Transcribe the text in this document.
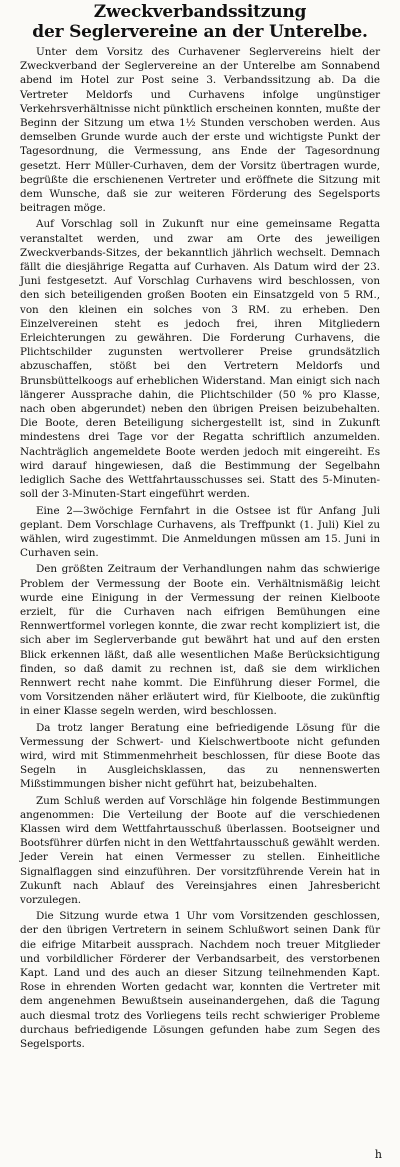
Zweckverbandssitzung
der Seglervereine an der Unterelbe.

Unter dem Vorsitz des Curhavener Seglervereins hielt der Zweckverband der Seglervereine an der Unterelbe am Sonnabend abend im Hotel zur Post seine 3. Verbandssitzung ab. Da die Vertreter Meldorfs und Curhavens infolge ungünstiger Verkehrsverhältnisse nicht pünktlich erscheinen konnten, mußte der Beginn der Sitzung um etwa 1½ Stunden verschoben werden. Aus demselben Grunde wurde auch der erste und wichtigste Punkt der Tagesordnung, die Vermessung, ans Ende der Tagesordnung gesetzt. Herr Müller-Curhaven, dem der Vorsitz übertragen wurde, begrüßte die erschienenen Vertreter und eröffnete die Sitzung mit dem Wunsche, daß sie zur weiteren Förderung des Segelsports beitragen möge.

Auf Vorschlag soll in Zukunft nur eine gemeinsame Regatta veranstaltet werden, und zwar am Orte des jeweiligen Zweckverbands-Sitzes, der bekanntlich jährlich wechselt. Demnach fällt die diesjährige Regatta auf Curhaven. Als Datum wird der 23. Juni festgesetzt. Auf Vorschlag Curhavens wird beschlossen, von den sich beteiligenden großen Booten ein Einsatzgeld von 5 RM., von den kleinen ein solches von 3 RM. zu erheben. Den Einzelvereinen steht es jedoch frei, ihren Mitgliedern Erleichterungen zu gewähren. Die Forderung Curhavens, die Plichtschilder zugunsten wertvollerer Preise grundsätzlich abzuschaffen, stößt bei den Vertretern Meldorfs und Brunsbüttelkoogs auf erheblichen Widerstand. Man einigt sich nach längerer Aussprache dahin, die Plichtschilder (50 % pro Klasse, nach oben abgerundet) neben den übrigen Preisen beizubehalten. Die Boote, deren Beteiligung sichergestellt ist, sind in Zukunft mindestens drei Tage vor der Regatta schriftlich anzumelden. Nachträglich angemeldete Boote werden jedoch mit eingereiht. Es wird darauf hingewiesen, daß die Bestimmung der Segelbahn lediglich Sache des Wettfahrtausschusses sei. Statt des 5-Minuten- soll der 3-Minuten-Start eingeführt werden.

Eine 2—3wöchige Fernfahrt in die Ostsee ist für Anfang Juli geplant. Dem Vorschlage Curhavens, als Treffpunkt (1. Juli) Kiel zu wählen, wird zugestimmt. Die Anmeldungen müssen am 15. Juni in Curhaven sein.

Den größten Zeitraum der Verhandlungen nahm das schwierige Problem der Vermessung der Boote ein. Verhältnismäßig leicht wurde eine Einigung in der Vermessung der reinen Kielboote erzielt, für die Curhaven nach eifrigen Bemühungen eine Rennwertformel vorlegen konnte, die zwar recht kompliziert ist, die sich aber im Seglerverbande gut bewährt hat und auf den ersten Blick erkennen läßt, daß alle wesentlichen Maße Berücksichtigung finden, so daß damit zu rechnen ist, daß sie dem wirklichen Rennwert recht nahe kommt. Die Einführung dieser Formel, die vom Vorsitzenden näher erläutert wird, für Kielboote, die zukünftig in einer Klasse segeln werden, wird beschlossen.

Da trotz langer Beratung eine befriedigende Lösung für die Vermessung der Schwert- und Kielschwertboote nicht gefunden wird, wird mit Stimmenmehrheit beschlossen, für diese Boote das Segeln in Ausgleichsklassen, das zu nennenswerten Mißstimmungen bisher nicht geführt hat, beizubehalten.

Zum Schluß werden auf Vorschläge hin folgende Bestimmungen angenommen: Die Verteilung der Boote auf die verschiedenen Klassen wird dem Wettfahrtausschuß überlassen. Bootseigner und Bootsführer dürfen nicht in den Wettfahrtausschuß gewählt werden. Jeder Verein hat einen Vermesser zu stellen. Einheitliche Signalflaggen sind einzuführen. Der vorsitzführende Verein hat in Zukunft nach Ablauf des Vereinsjahres einen Jahresbericht vorzulegen.

Die Sitzung wurde etwa 1 Uhr vom Vorsitzenden geschlossen, der den übrigen Vertretern in seinem Schlußwort seinen Dank für die eifrige Mitarbeit aussprach. Nachdem noch treuer Mitglieder und vorbildlicher Förderer der Verbandsarbeit, des verstorbenen Kapt. Land und des auch an dieser Sitzung teilnehmenden Kapt. Rose in ehrenden Worten gedacht war, konnten die Vertreter mit dem angenehmen Bewußtsein auseinandergehen, daß die Tagung auch diesmal trotz des Vorliegens teils recht schwieriger Probleme durchaus befriedigende Lösungen gefunden habe zum Segen des Segelsports.

h
